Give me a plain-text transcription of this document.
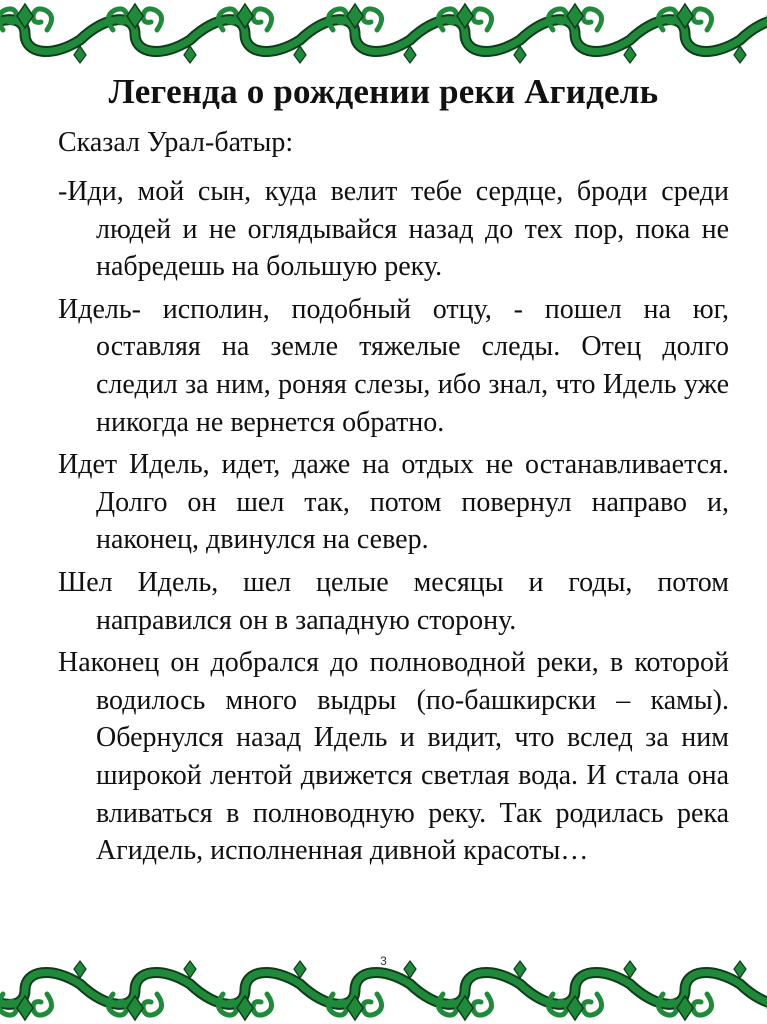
Легенда о рождении реки Агидель

Сказал Урал-батыр:

-Иди, мой сын, куда велит тебе сердце, броди среди людей и не оглядывайся назад до тех пор, пока не набредешь на большую реку.

Идель- исполин, подобный отцу, - пошел на юг, оставляя на земле тяжелые следы. Отец долго следил за ним, роняя слезы, ибо знал, что Идель уже никогда не вернется обратно.

Идет Идель, идет, даже на отдых не останавливается. Долго он шел так, потом повернул направо и, наконец, двинулся на север.

Шел Идель, шел целые месяцы и годы, потом направился он в западную сторону.

Наконец он добрался до полноводной реки, в которой водилось много выдры (по-башкирски – камы). Обернулся назад Идель и видит, что вслед за ним широкой лентой движется светлая вода. И стала она вливаться в полноводную реку. Так родилась река Агидель, исполненная дивной красоты…

3
